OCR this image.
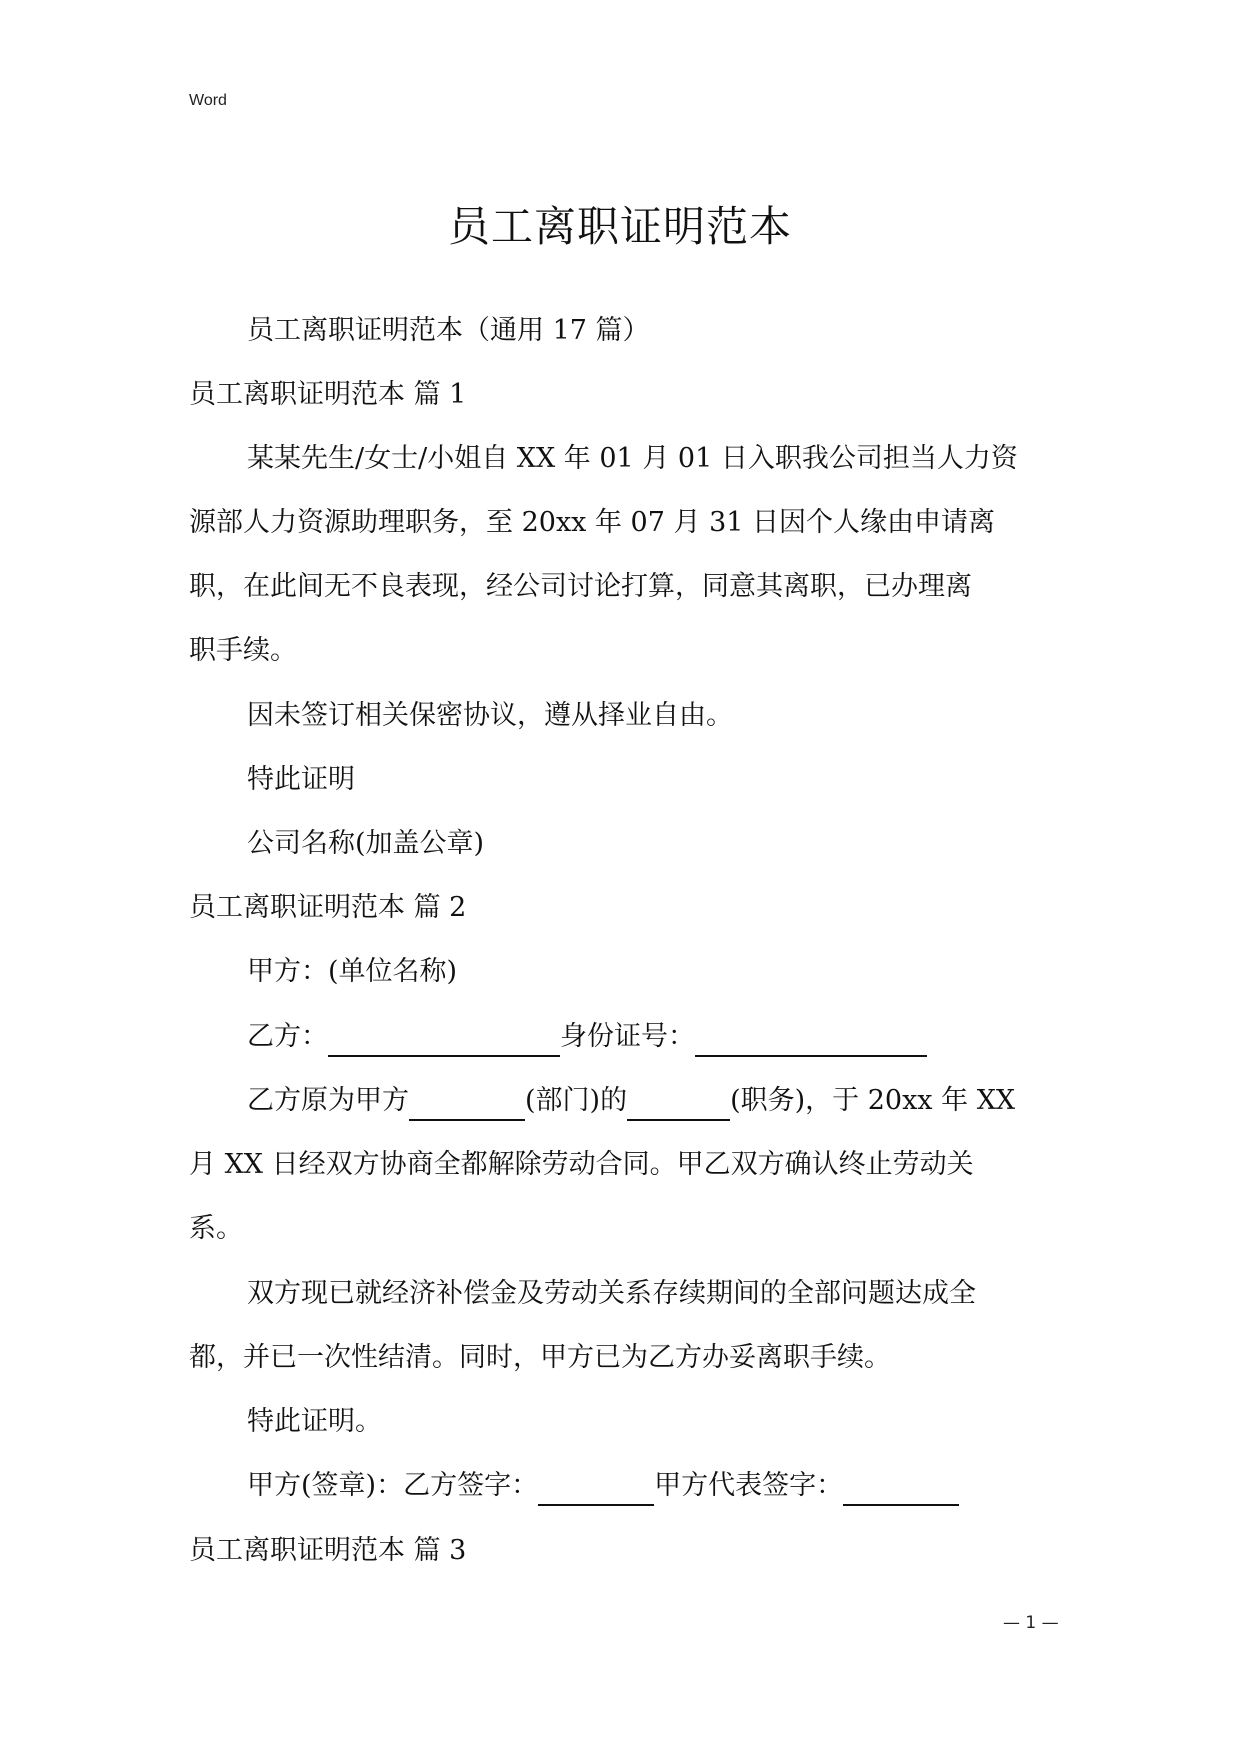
Word
员工离职证明范本
员工离职证明范本（通用 17 篇）
员工离职证明范本 篇 1
某某先生/女士/小姐自 XX 年 01 月 01 日入职我公司担当人力资
源部人力资源助理职务，至 20xx 年 07 月 31 日因个人缘由申请离
职，在此间无不良表现，经公司讨论打算，同意其离职，已办理离
职手续。
因未签订相关保密协议，遵从择业自由。
特此证明
公司名称(加盖公章)
员工离职证明范本 篇 2
甲方：(单位名称)
乙方：	身份证号：
乙方原为甲方	(部门)的	(职务)，于 20xx 年 XX
月 XX 日经双方协商全都解除劳动合同。甲乙双方确认终止劳动关
系。
双方现已就经济补偿金及劳动关系存续期间的全部问题达成全
都，并已一次性结清。同时，甲方已为乙方办妥离职手续。
特此证明。
甲方(签章)：乙方签字：	甲方代表签字：
员工离职证明范本 篇 3
— 1 —
